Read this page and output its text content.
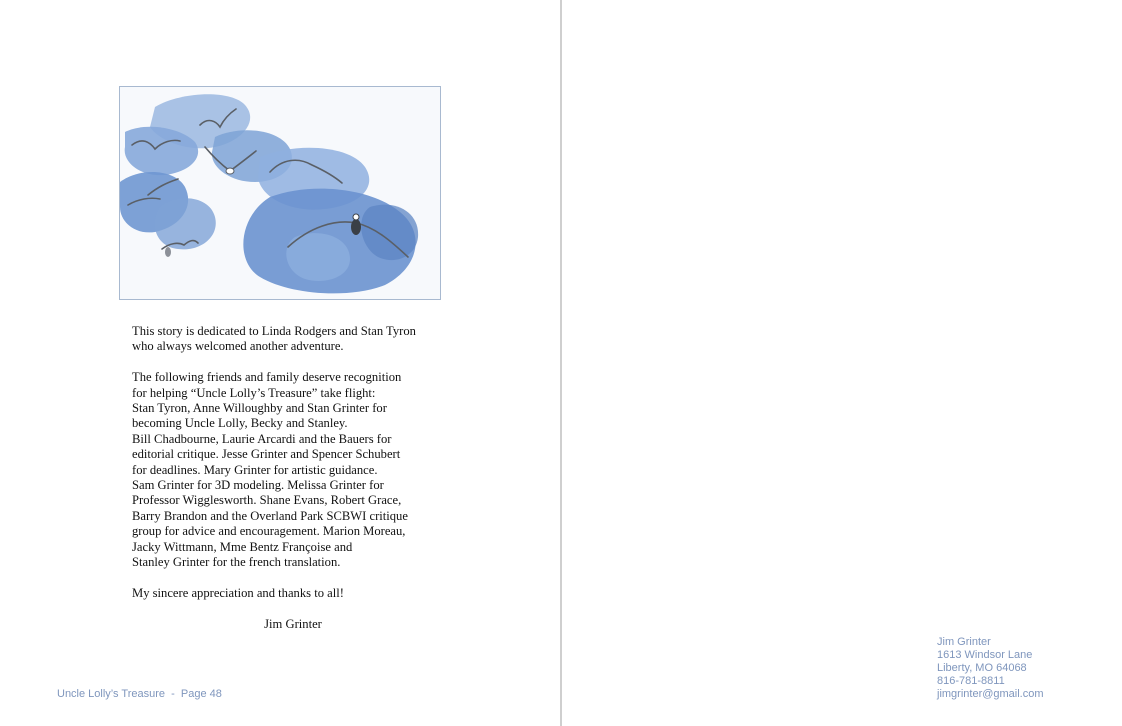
This story is dedicated to Linda Rodgers and Stan Tyron
who always welcomed another adventure.

The following friends and family deserve recognition
for helping “Uncle Lolly’s Treasure” take flight:
Stan Tyron, Anne Willoughby and Stan Grinter for
becoming Uncle Lolly, Becky and Stanley.
Bill Chadbourne, Laurie Arcardi and the Bauers for
editorial critique. Jesse Grinter and Spencer Schubert
for deadlines. Mary Grinter for artistic guidance.
Sam Grinter for 3D modeling. Melissa Grinter for
Professor Wigglesworth. Shane Evans, Robert Grace,
Barry Brandon and the Overland Park SCBWI critique
group for advice and encouragement. Marion Moreau,
Jacky Wittmann, Mme Bentz Françoise and
Stanley Grinter for the french translation.

My sincere appreciation and thanks to all!

Jim Grinter

Uncle Lolly’s Treasure  -  Page 48
Jim Grinter
1613 Windsor Lane
Liberty, MO 64068
816-781-8811
jimgrinter@gmail.com
